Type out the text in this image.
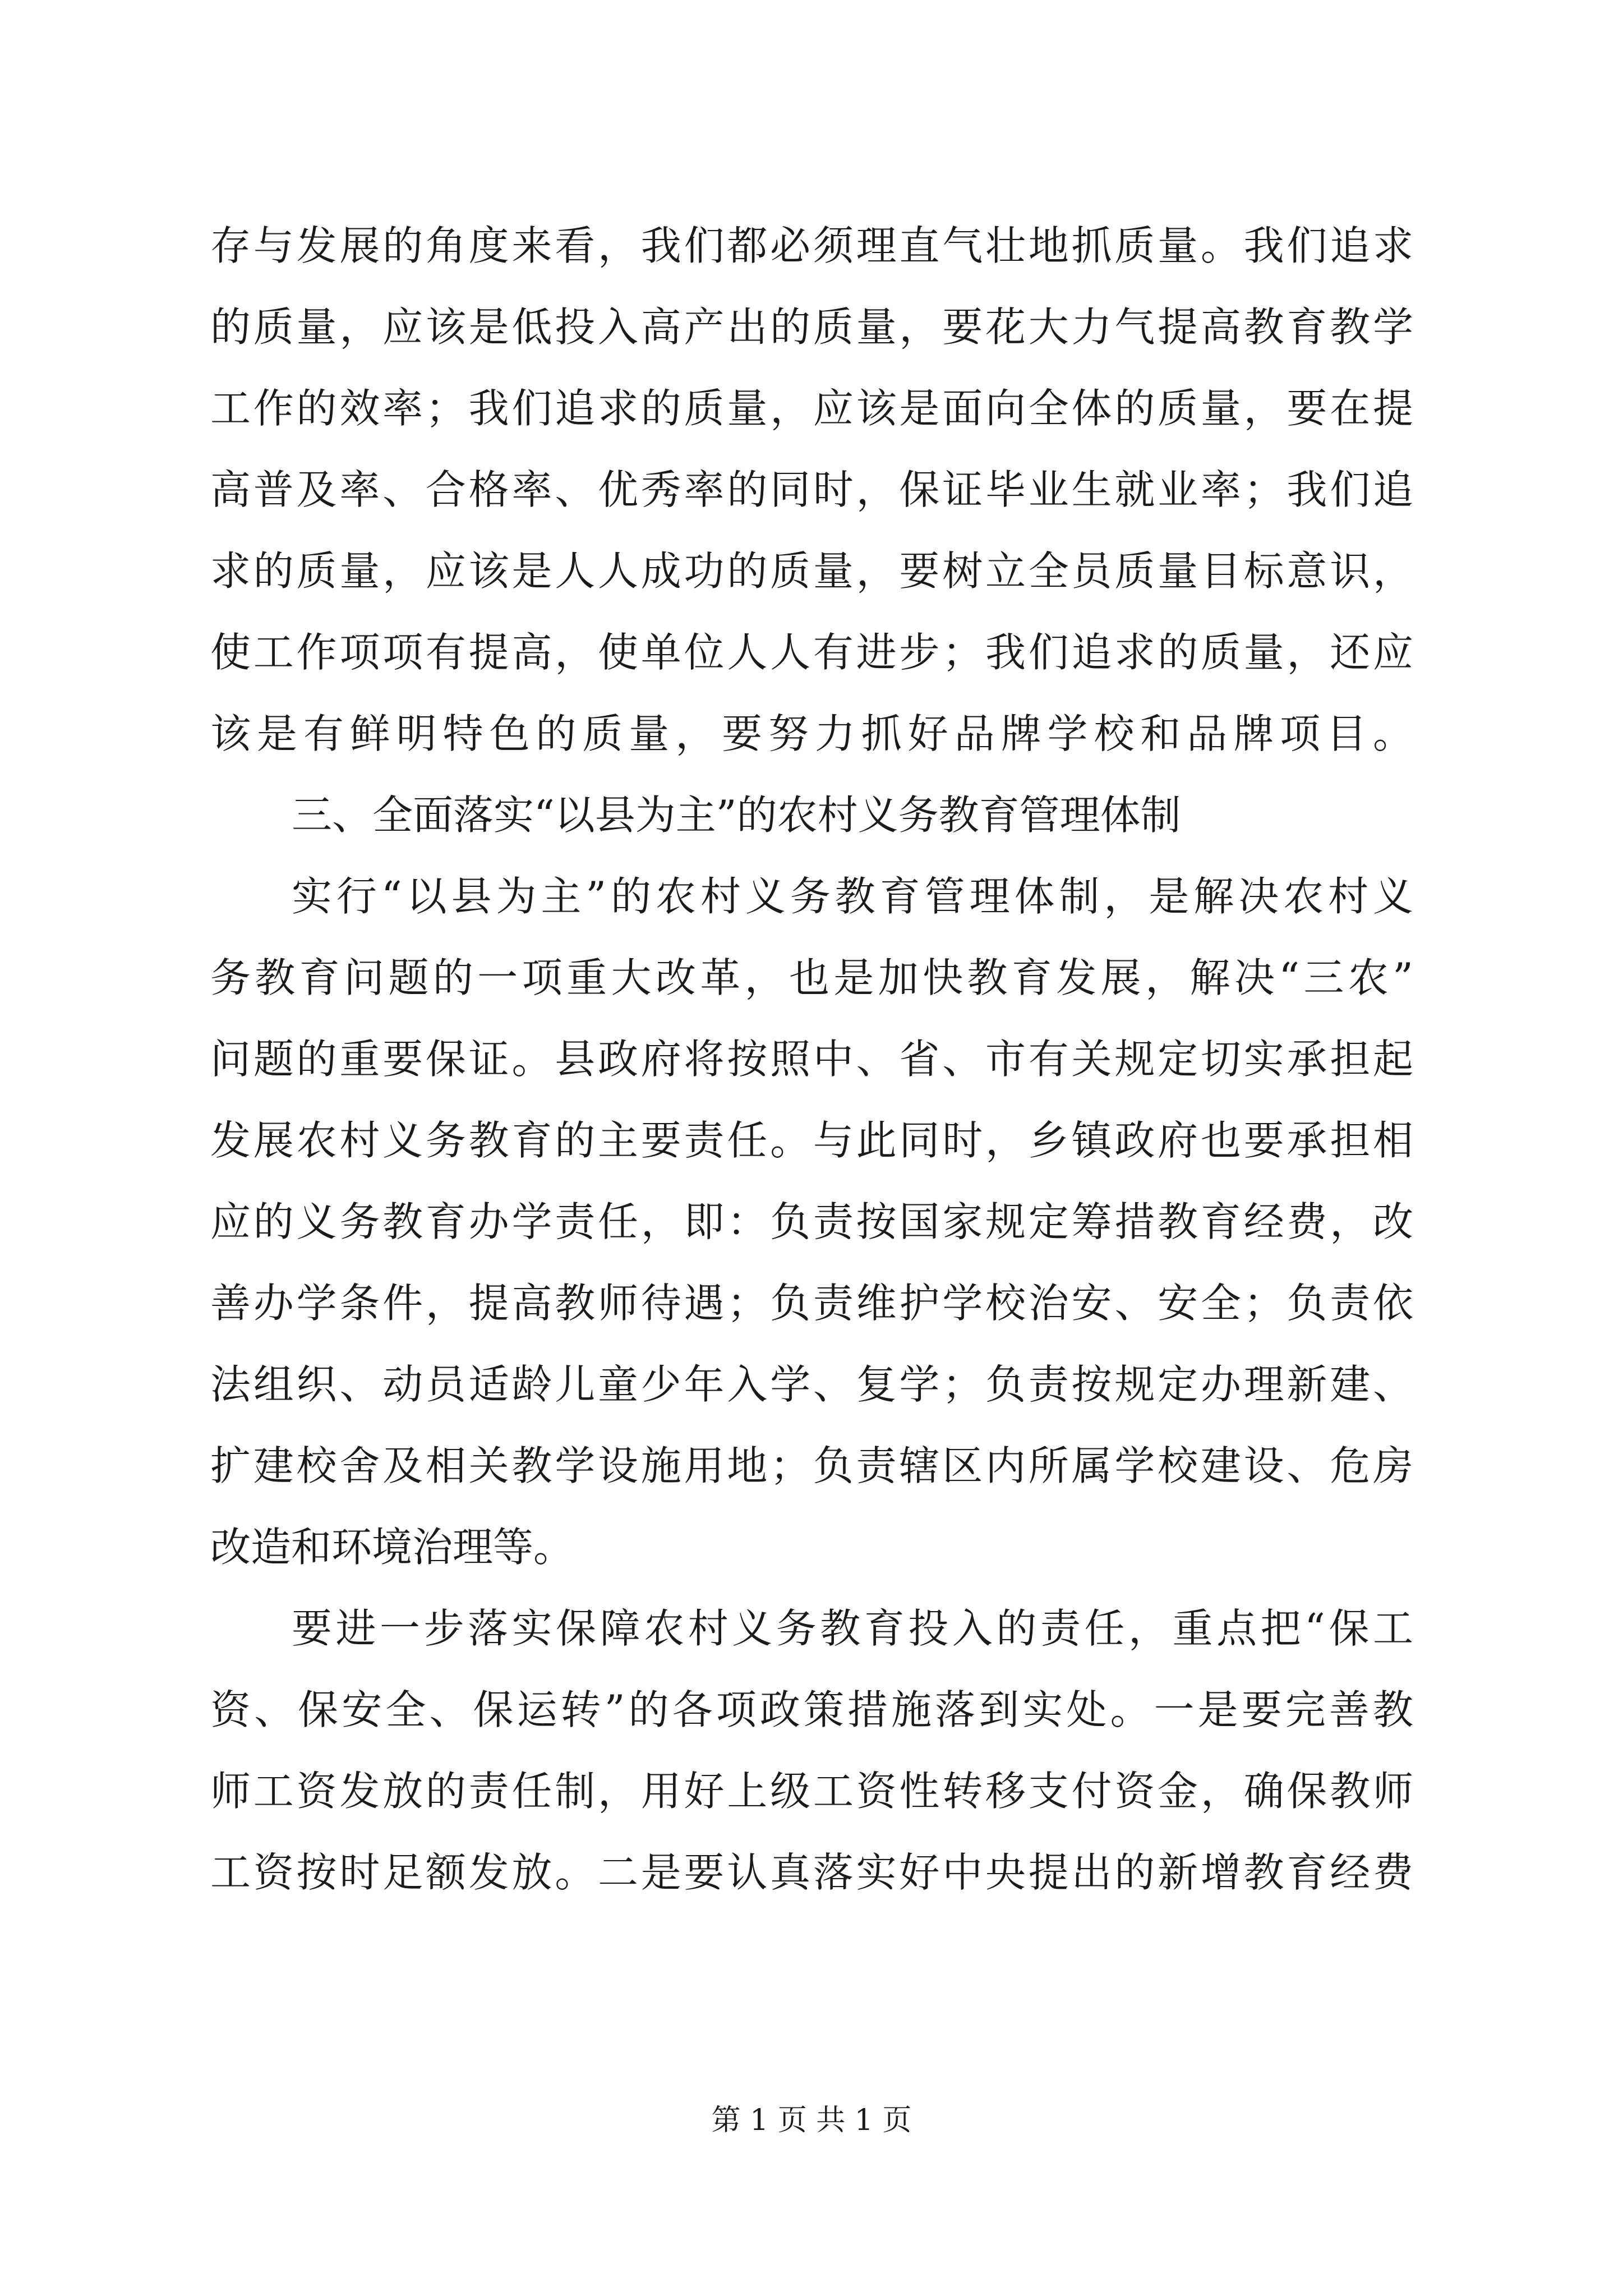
存与发展的角度来看，我们都必须理直气壮地抓质量。我们追求
的质量，应该是低投入高产出的质量，要花大力气提高教育教学
工作的效率；我们追求的质量，应该是面向全体的质量，要在提
高普及率、合格率、优秀率的同时，保证毕业生就业率；我们追
求的质量，应该是人人成功的质量，要树立全员质量目标意识，
使工作项项有提高，使单位人人有进步；我们追求的质量，还应
该是有鲜明特色的质量，要努力抓好品牌学校和品牌项目。
三、全面落实“以县为主”的农村义务教育管理体制
实行“以县为主”的农村义务教育管理体制，是解决农村义
务教育问题的一项重大改革，也是加快教育发展，解决“三农”
问题的重要保证。县政府将按照中、省、市有关规定切实承担起
发展农村义务教育的主要责任。与此同时，乡镇政府也要承担相
应的义务教育办学责任，即：负责按国家规定筹措教育经费，改
善办学条件，提高教师待遇；负责维护学校治安、安全；负责依
法组织、动员适龄儿童少年入学、复学；负责按规定办理新建、
扩建校舍及相关教学设施用地；负责辖区内所属学校建设、危房
改造和环境治理等。
要进一步落实保障农村义务教育投入的责任，重点把“保工
资、保安全、保运转”的各项政策措施落到实处。一是要完善教
师工资发放的责任制，用好上级工资性转移支付资金，确保教师
工资按时足额发放。二是要认真落实好中央提出的新增教育经费
第 1 页 共 1 页
